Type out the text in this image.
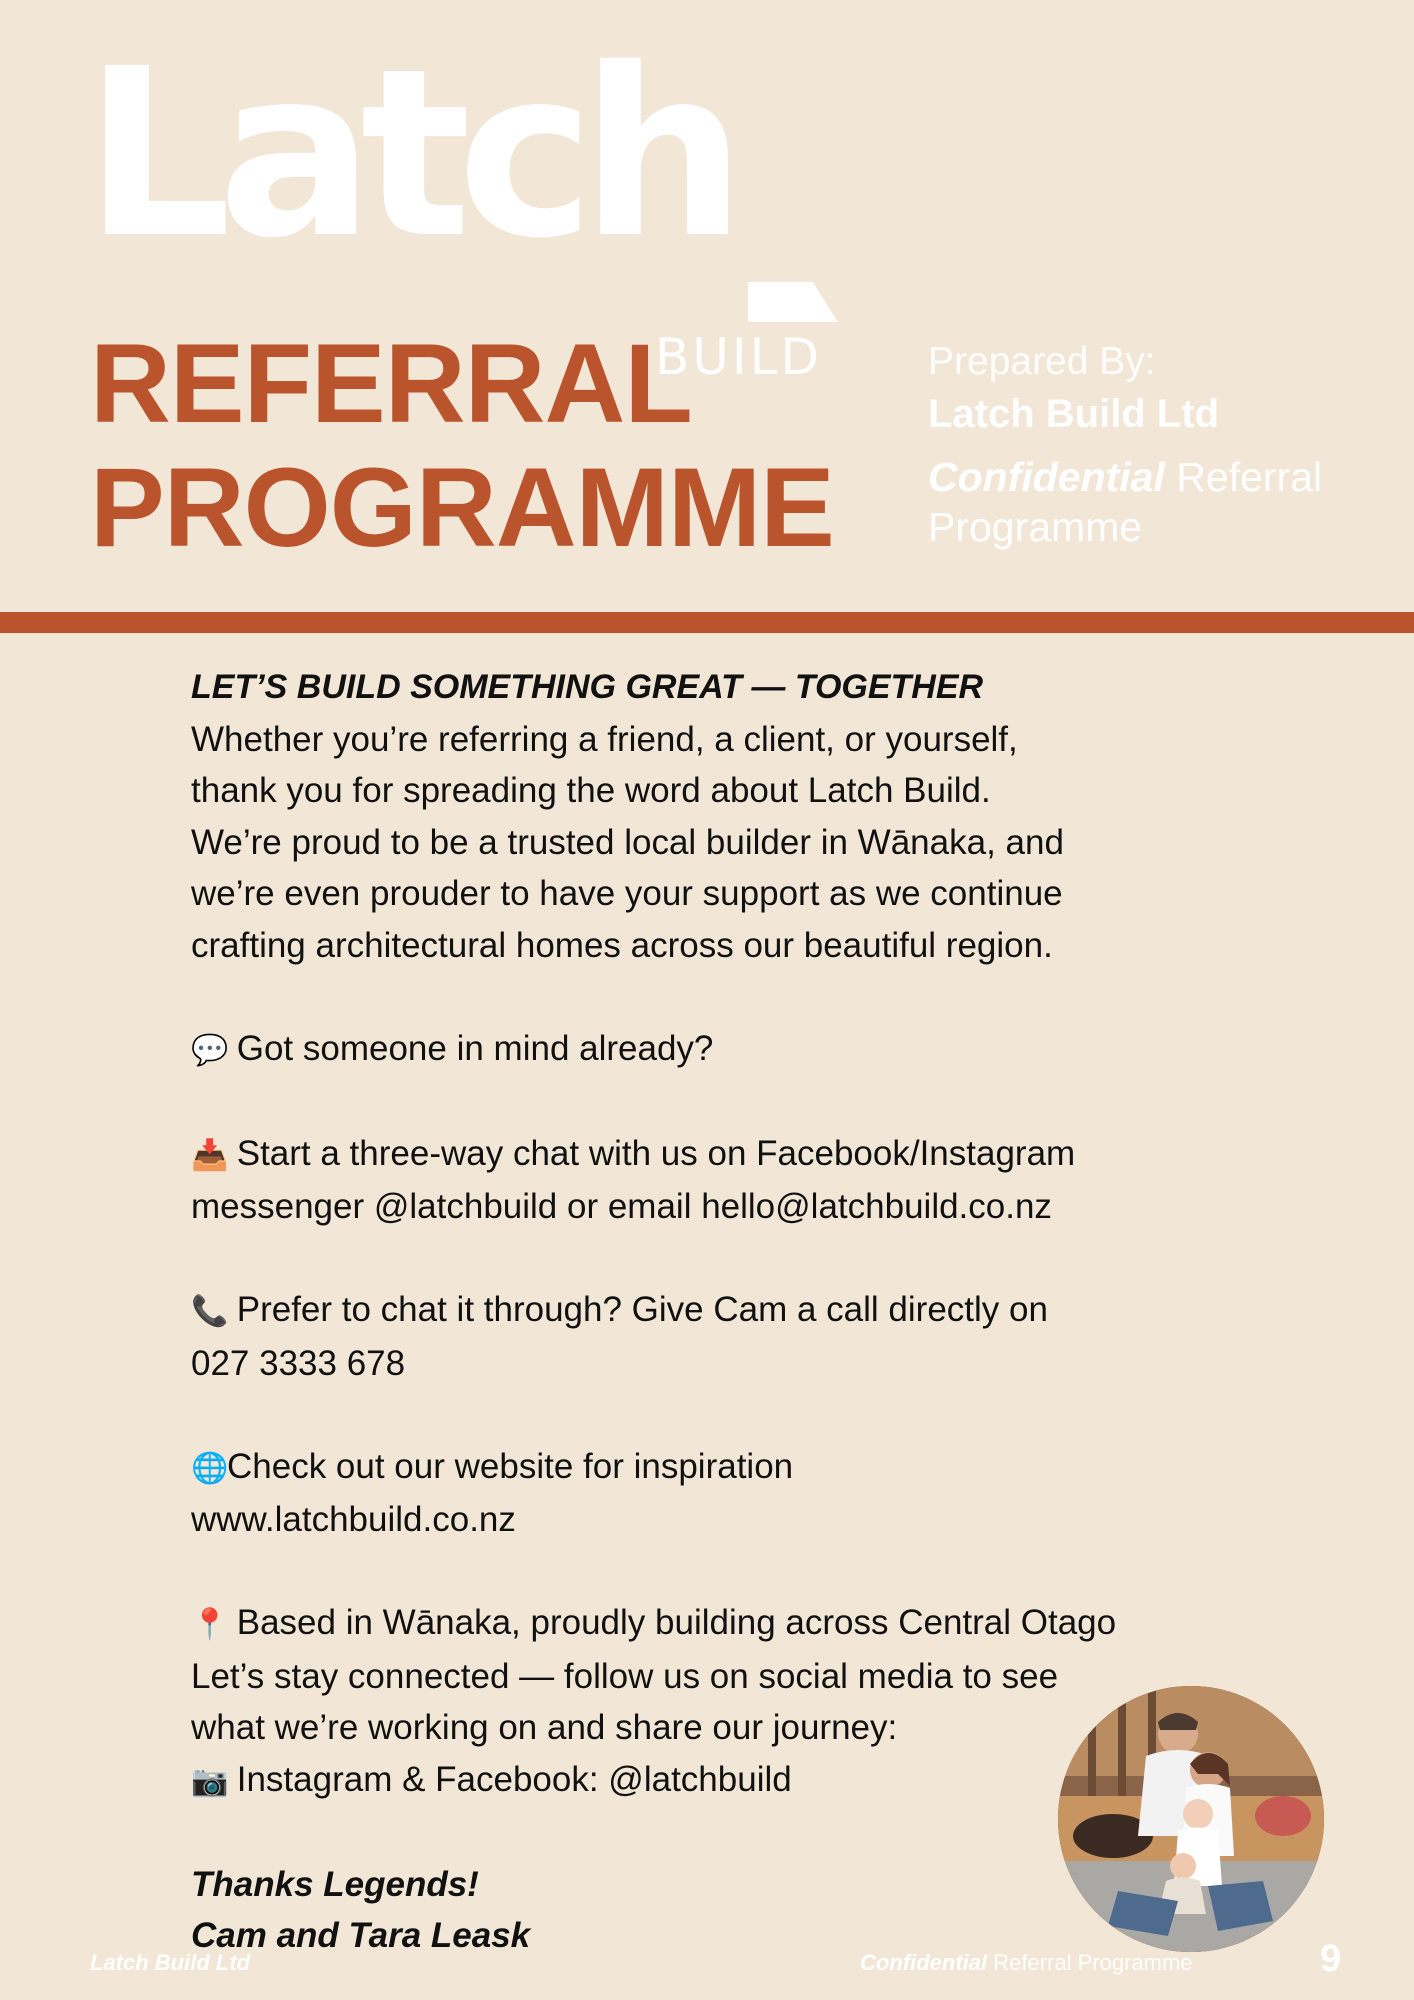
Latch
BUILD
REFERRAL
PROGRAMME
Prepared By:
Latch Build Ltd
Confidential Referral Programme

LET’S BUILD SOMETHING GREAT — TOGETHER

Whether you’re referring a friend, a client, or yourself,

thank you for spreading the word about Latch Build.

We’re proud to be a trusted local builder in Wānaka, and

we’re even prouder to have your support as we continue

crafting architectural homes across our beautiful region.

💬 Got someone in mind already?

📥 Start a three-way chat with us on Facebook/Instagram

messenger @latchbuild or email hello@latchbuild.co.nz

📞 Prefer to chat it through? Give Cam a call directly on

027 3333 678

🌐Check out our website for inspiration

www.latchbuild.co.nz

📍 Based in Wānaka, proudly building across Central Otago

Let’s stay connected — follow us on social media to see

what we’re working on and share our journey:

📷 Instagram & Facebook: @latchbuild

Thanks Legends!

Cam and Tara Leask

Latch Build Ltd	Confidential Referral Programme	9
